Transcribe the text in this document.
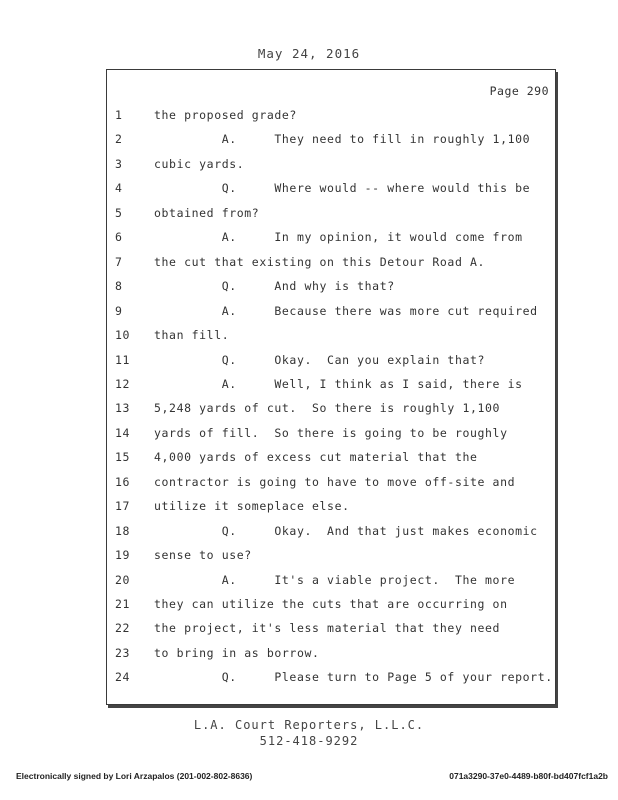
May 24, 2016
Page 290
1	the proposed grade?
2	A.     They need to fill in roughly 1,100
3	cubic yards.
4	Q.     Where would -- where would this be
5	obtained from?
6	A.     In my opinion, it would come from
7	the cut that existing on this Detour Road A.
8	Q.     And why is that?
9	A.     Because there was more cut required
10	than fill.
11	Q.     Okay.  Can you explain that?
12	A.     Well, I think as I said, there is
13	5,248 yards of cut.  So there is roughly 1,100
14	yards of fill.  So there is going to be roughly
15	4,000 yards of excess cut material that the
16	contractor is going to have to move off-site and
17	utilize it someplace else.
18	Q.     Okay.  And that just makes economic
19	sense to use?
20	A.     It's a viable project.  The more
21	they can utilize the cuts that are occurring on
22	the project, it's less material that they need
23	to bring in as borrow.
24	Q.     Please turn to Page 5 of your report.
L.A. Court Reporters, L.L.C.
512-418-9292
Electronically signed by Lori Arzapalos (201-002-802-8636)	071a3290-37e0-4489-b80f-bd407fcf1a2b
